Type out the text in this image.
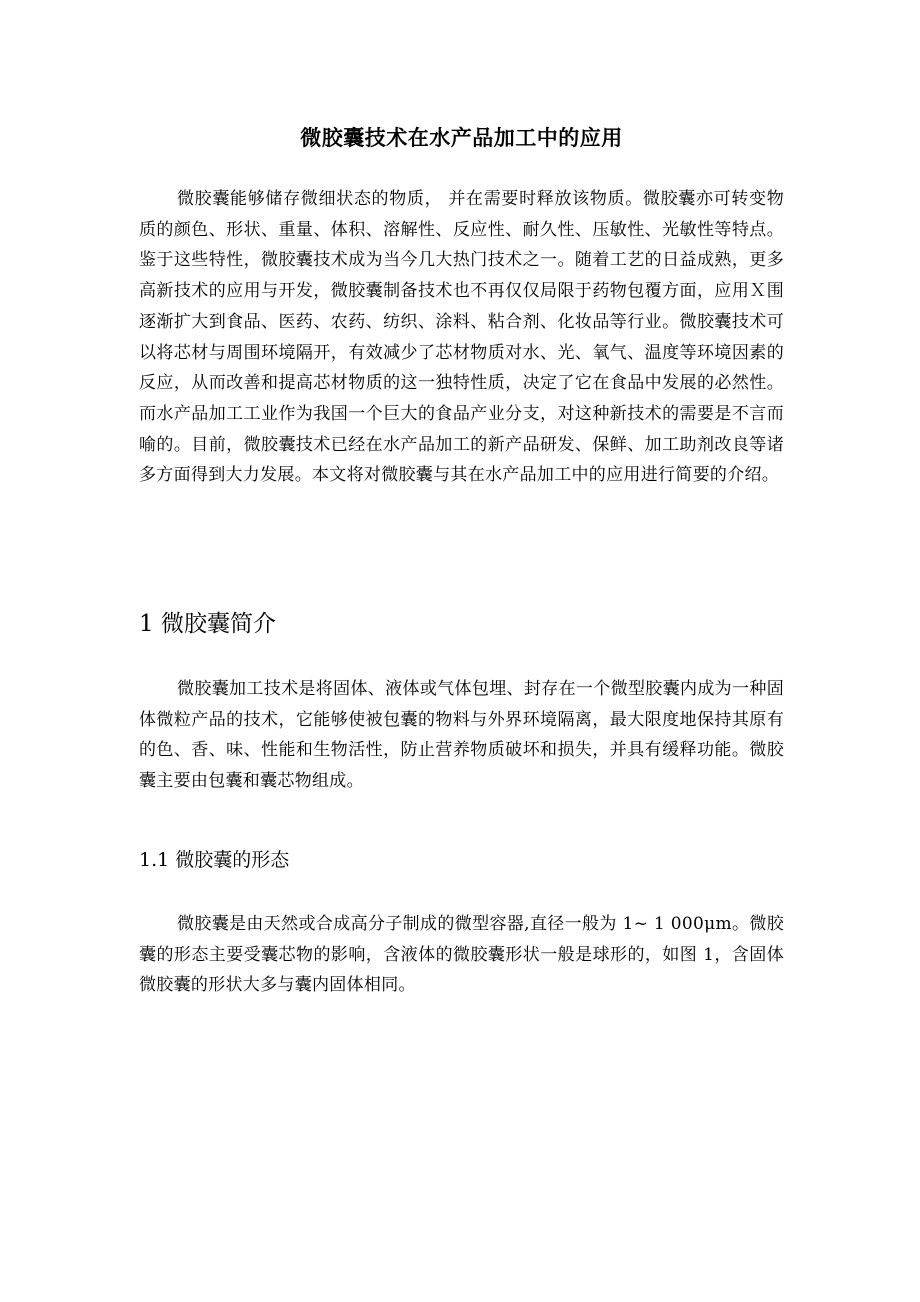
微胶囊技术在水产品加工中的应用

微胶囊能够储存微细状态的物质， 并在需要时释放该物质。微胶囊亦可转变物质的颜色、形状、重量、体积、溶解性、反应性、耐久性、压敏性、光敏性等特点。鉴于这些特性，微胶囊技术成为当今几大热门技术之一。随着工艺的日益成熟，更多高新技术的应用与开发，微胶囊制备技术也不再仅仅局限于药物包覆方面，应用Ｘ围逐渐扩大到食品、医药、农药、纺织、涂料、粘合剂、化妆品等行业。微胶囊技术可以将芯材与周围环境隔开，有效减少了芯材物质对水、光、氧气、温度等环境因素的反应，从而改善和提高芯材物质的这一独特性质，决定了它在食品中发展的必然性。而水产品加工工业作为我国一个巨大的食品产业分支，对这种新技术的需要是不言而喻的。目前，微胶囊技术已经在水产品加工的新产品研发、保鲜、加工助剂改良等诸多方面得到大力发展。本文将对微胶囊与其在水产品加工中的应用进行简要的介绍。

1 微胶囊简介

微胶囊加工技术是将固体、液体或气体包埋、封存在一个微型胶囊内成为一种固体微粒产品的技术，它能够使被包囊的物料与外界环境隔离，最大限度地保持其原有的色、香、味、性能和生物活性，防止营养物质破坏和损失，并具有缓释功能。微胶囊主要由包囊和囊芯物组成。

1.1 微胶囊的形态

微胶囊是由天然或合成高分子制成的微型容器,直径一般为 1~ 1 000μm。微胶囊的形态主要受囊芯物的影响，含液体的微胶囊形状一般是球形的，如图 1，含固体微胶囊的形状大多与囊内固体相同。
